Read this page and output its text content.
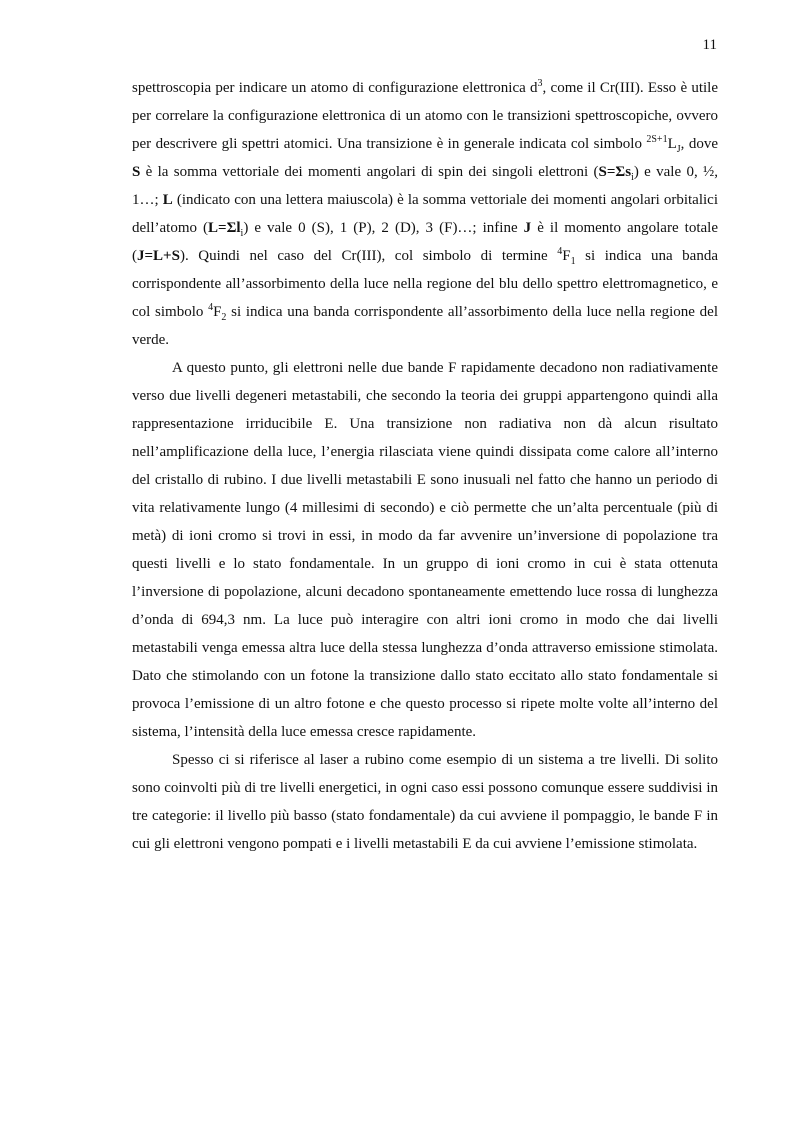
11

spettroscopia per indicare un atomo di configurazione elettronica $d^3$, come il Cr(III). Esso è utile per correlare la configurazione elettronica di un atomo con le transizioni spettroscopiche, ovvero per descrivere gli spettri atomici. Una transizione è in generale indicata col simbolo $^{2S+1}L_J$, dove S è la somma vettoriale dei momenti angolari di spin dei singoli elettroni $(S=\Sigma s_i)$ e vale 0, ½, 1…; L (indicato con una lettera maiuscola) è la somma vettoriale dei momenti angolari orbitalici dell’atomo $(L=\Sigma l_i)$ e vale 0 (S), 1 (P), 2 (D), 3 (F)…; infine J è il momento angolare totale (J=L+S). Quindi nel caso del Cr(III), col simbolo di termine $^4F_1$ si indica una banda corrispondente all’assorbimento della luce nella regione del blu dello spettro elettromagnetico, e col simbolo $^4F_2$ si indica una banda corrispondente all’assorbimento della luce nella regione del verde.

A questo punto, gli elettroni nelle due bande F rapidamente decadono non radiativamente verso due livelli degeneri metastabili, che secondo la teoria dei gruppi appartengono quindi alla rappresentazione irriducibile E. Una transizione non radiativa non dà alcun risultato nell’amplificazione della luce, l’energia rilasciata viene quindi dissipata come calore all’interno del cristallo di rubino. I due livelli metastabili E sono inusuali nel fatto che hanno un periodo di vita relativamente lungo (4 millesimi di secondo) e ciò permette che un’alta percentuale (più di metà) di ioni cromo si trovi in essi, in modo da far avvenire un’inversione di popolazione tra questi livelli e lo stato fondamentale. In un gruppo di ioni cromo in cui è stata ottenuta l’inversione di popolazione, alcuni decadono spontaneamente emettendo luce rossa di lunghezza d’onda di 694,3 nm. La luce può interagire con altri ioni cromo in modo che dai livelli metastabili venga emessa altra luce della stessa lunghezza d’onda attraverso emissione stimolata. Dato che stimolando con un fotone la transizione dallo stato eccitato allo stato fondamentale si provoca l’emissione di un altro fotone e che questo processo si ripete molte volte all’interno del sistema, l’intensità della luce emessa cresce rapidamente.

Spesso ci si riferisce al laser a rubino come esempio di un sistema a tre livelli. Di solito sono coinvolti più di tre livelli energetici, in ogni caso essi possono comunque essere suddivisi in tre categorie: il livello più basso (stato fondamentale) da cui avviene il pompaggio, le bande F in cui gli elettroni vengono pompati e i livelli metastabili E da cui avviene l’emissione stimolata.
